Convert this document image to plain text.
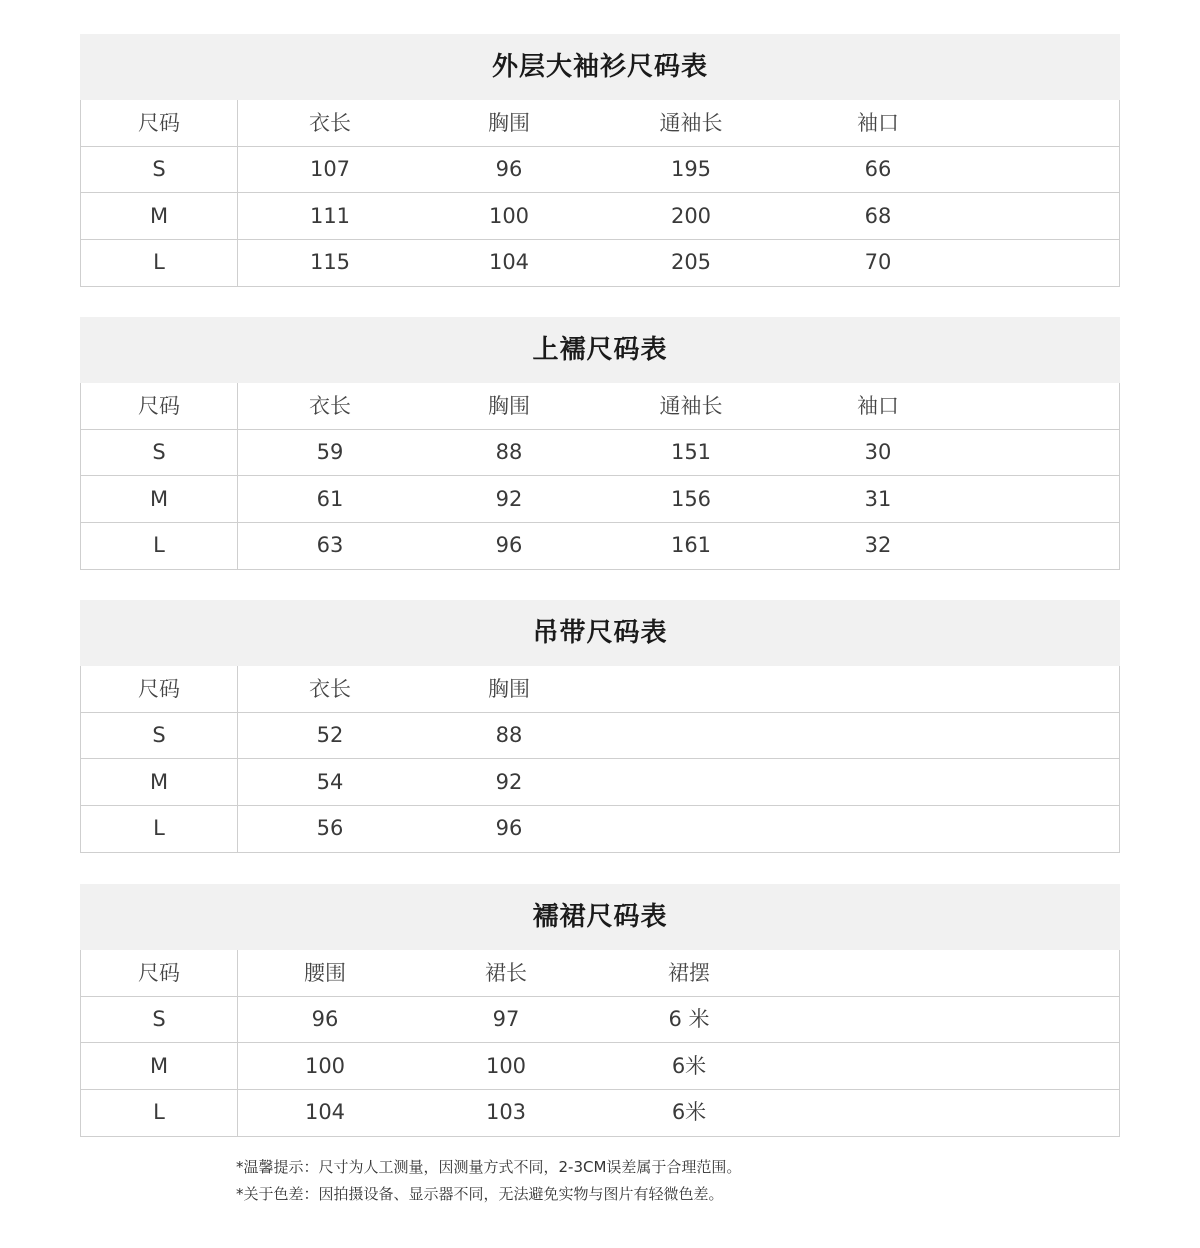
外层大袖衫尺码表
尺码	衣长	胸围	通袖长	袖口
S	107	96	195	66
M	111	100	200	68
L	115	104	205	70
上襦尺码表
尺码	衣长	胸围	通袖长	袖口
S	59	88	151	30
M	61	92	156	31
L	63	96	161	32
吊带尺码表
尺码	衣长	胸围
S	52	88
M	54	92
L	56	96
襦裙尺码表
尺码	腰围	裙长	裙摆
S	96	97	6 米
M	100	100	6米
L	104	103	6米
*温馨提示：尺寸为人工测量，因测量方式不同，2-3CM误差属于合理范围。
*关于色差：因拍摄设备、显示器不同，无法避免实物与图片有轻微色差。
